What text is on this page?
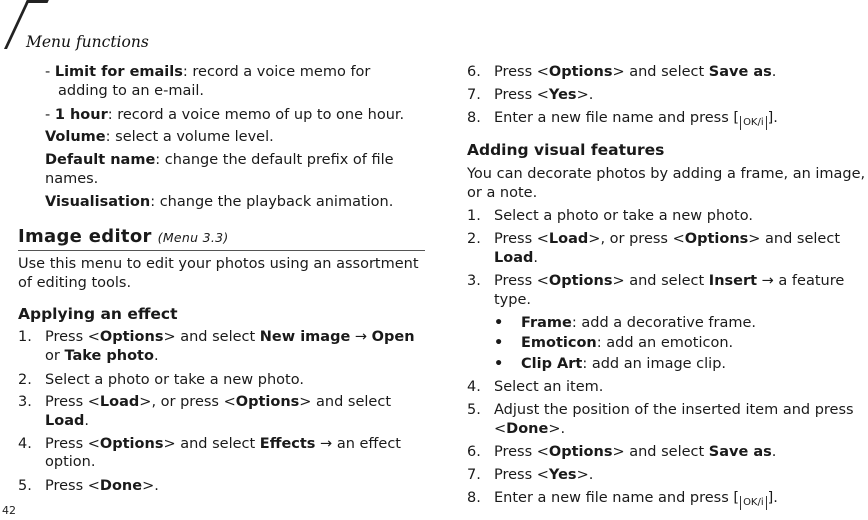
Menu functions
42
- Limit for emails: record a voice memo for
adding to an e-mail.
- 1 hour: record a voice memo of up to one hour.
Volume: select a volume level.
Default name: change the default prefix of file
names.
Visualisation: change the playback animation.
Image editor (Menu 3.3)
Use this menu to edit your photos using an assortment
of editing tools.
Applying an effect
1. Press <Options> and select New image → Open
or Take photo.
2. Select a photo or take a new photo.
3. Press <Load>, or press <Options> and select
Load.
4. Press <Options> and select Effects → an effect
option.
5. Press <Done>.
6. Press <Options> and select Save as.
7. Press <Yes>.
8. Enter a new file name and press [ OK/i ].
Adding visual features
You can decorate photos by adding a frame, an image,
or a note.
1. Select a photo or take a new photo.
2. Press <Load>, or press <Options> and select
Load.
3. Press <Options> and select Insert → a feature
type.
• Frame: add a decorative frame.
• Emoticon: add an emoticon.
• Clip Art: add an image clip.
4. Select an item.
5. Adjust the position of the inserted item and press
<Done>.
6. Press <Options> and select Save as.
7. Press <Yes>.
8. Enter a new file name and press [ OK/i ].
